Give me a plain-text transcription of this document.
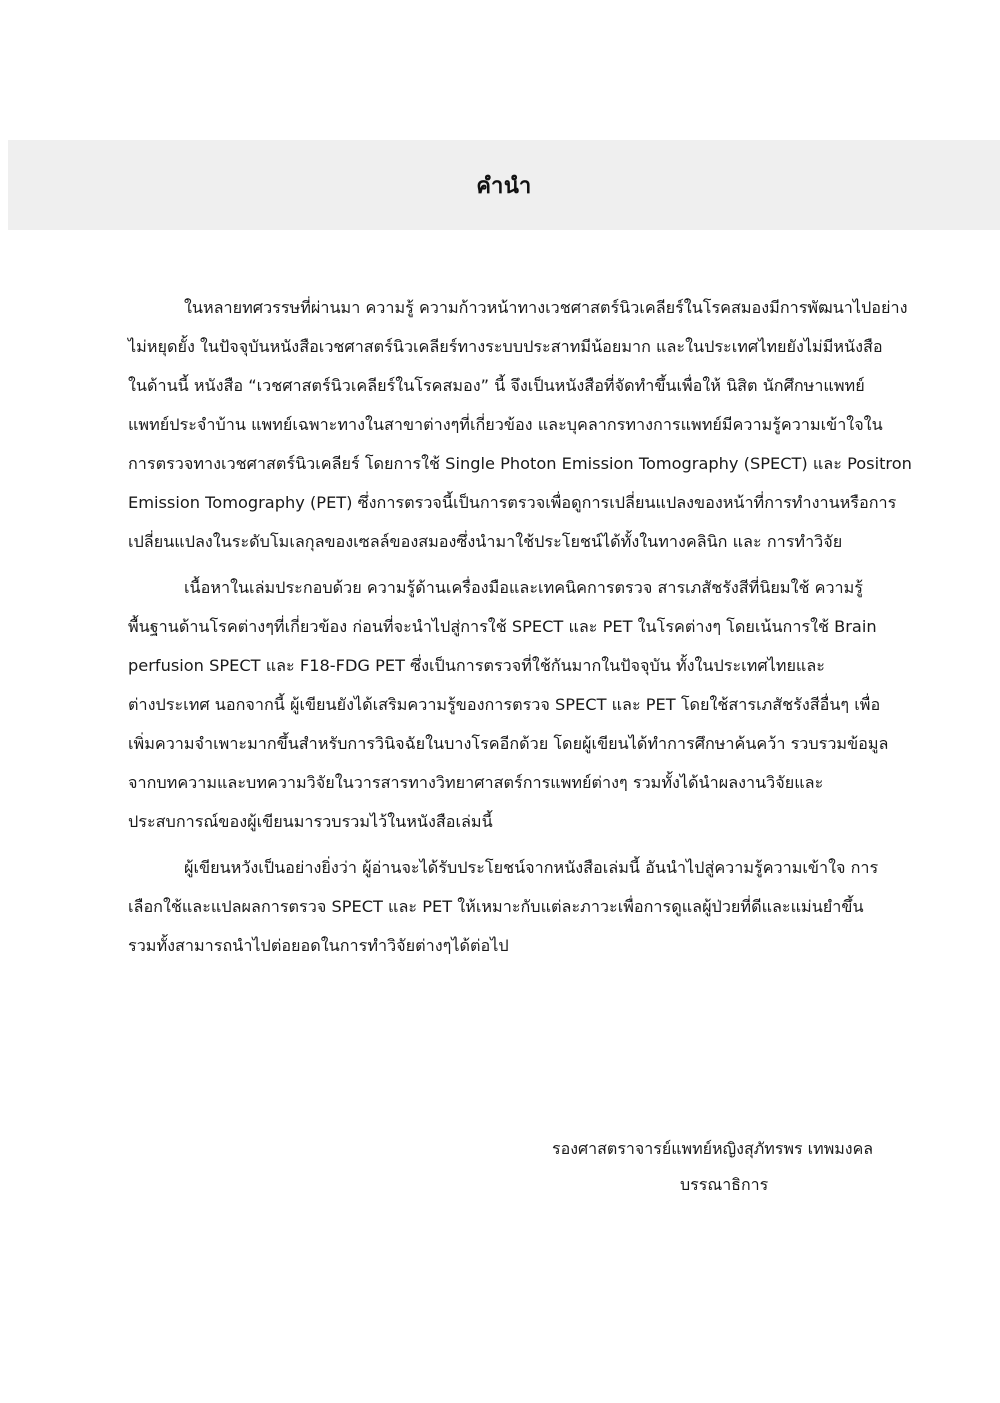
คำนำ

ในหลายทศวรรษที่ผ่านมา ความรู้ ความก้าวหน้าทางเวชศาสตร์นิวเคลียร์ในโรคสมองมีการพัฒนาไปอย่าง
ไม่หยุดยั้ง ในปัจจุบันหนังสือเวชศาสตร์นิวเคลียร์ทางระบบประสาทมีน้อยมาก และในประเทศไทยยังไม่มีหนังสือ
ในด้านนี้ หนังสือ “เวชศาสตร์นิวเคลียร์ในโรคสมอง” นี้ จึงเป็นหนังสือที่จัดทำขึ้นเพื่อให้ นิสิต นักศึกษาแพทย์
แพทย์ประจำบ้าน แพทย์เฉพาะทางในสาขาต่างๆที่เกี่ยวข้อง และบุคลากรทางการแพทย์มีความรู้ความเข้าใจใน
การตรวจทางเวชศาสตร์นิวเคลียร์ โดยการใช้ Single Photon Emission Tomography (SPECT) และ Positron
Emission Tomography (PET) ซึ่งการตรวจนี้เป็นการตรวจเพื่อดูการเปลี่ยนแปลงของหน้าที่การทำงานหรือการ
เปลี่ยนแปลงในระดับโมเลกุลของเซลล์ของสมองซึ่งนำมาใช้ประโยชน์ได้ทั้งในทางคลินิก และ การทำวิจัย

เนื้อหาในเล่มประกอบด้วย ความรู้ด้านเครื่องมือและเทคนิคการตรวจ สารเภสัชรังสีที่นิยมใช้ ความรู้
พื้นฐานด้านโรคต่างๆที่เกี่ยวข้อง ก่อนที่จะนำไปสู่การใช้ SPECT และ PET ในโรคต่างๆ โดยเน้นการใช้ Brain
perfusion SPECT และ F18-FDG PET ซึ่งเป็นการตรวจที่ใช้กันมากในปัจจุบัน ทั้งในประเทศไทยและ
ต่างประเทศ นอกจากนี้ ผู้เขียนยังได้เสริมความรู้ของการตรวจ SPECT และ PET โดยใช้สารเภสัชรังสีอื่นๆ เพื่อ
เพิ่มความจำเพาะมากขึ้นสำหรับการวินิจฉัยในบางโรคอีกด้วย โดยผู้เขียนได้ทำการศึกษาค้นคว้า รวบรวมข้อมูล
จากบทความและบทความวิจัยในวารสารทางวิทยาศาสตร์การแพทย์ต่างๆ รวมทั้งได้นำผลงานวิจัยและ
ประสบการณ์ของผู้เขียนมารวบรวมไว้ในหนังสือเล่มนี้

ผู้เขียนหวังเป็นอย่างยิ่งว่า ผู้อ่านจะได้รับประโยชน์จากหนังสือเล่มนี้ อันนำไปสู่ความรู้ความเข้าใจ การ
เลือกใช้และแปลผลการตรวจ SPECT และ PET ให้เหมาะกับแต่ละภาวะเพื่อการดูแลผู้ป่วยที่ดีและแม่นยำขึ้น
รวมทั้งสามารถนำไปต่อยอดในการทำวิจัยต่างๆได้ต่อไป

รองศาสตราจารย์แพทย์หญิงสุภัทรพร เทพมงคล
บรรณาธิการ
